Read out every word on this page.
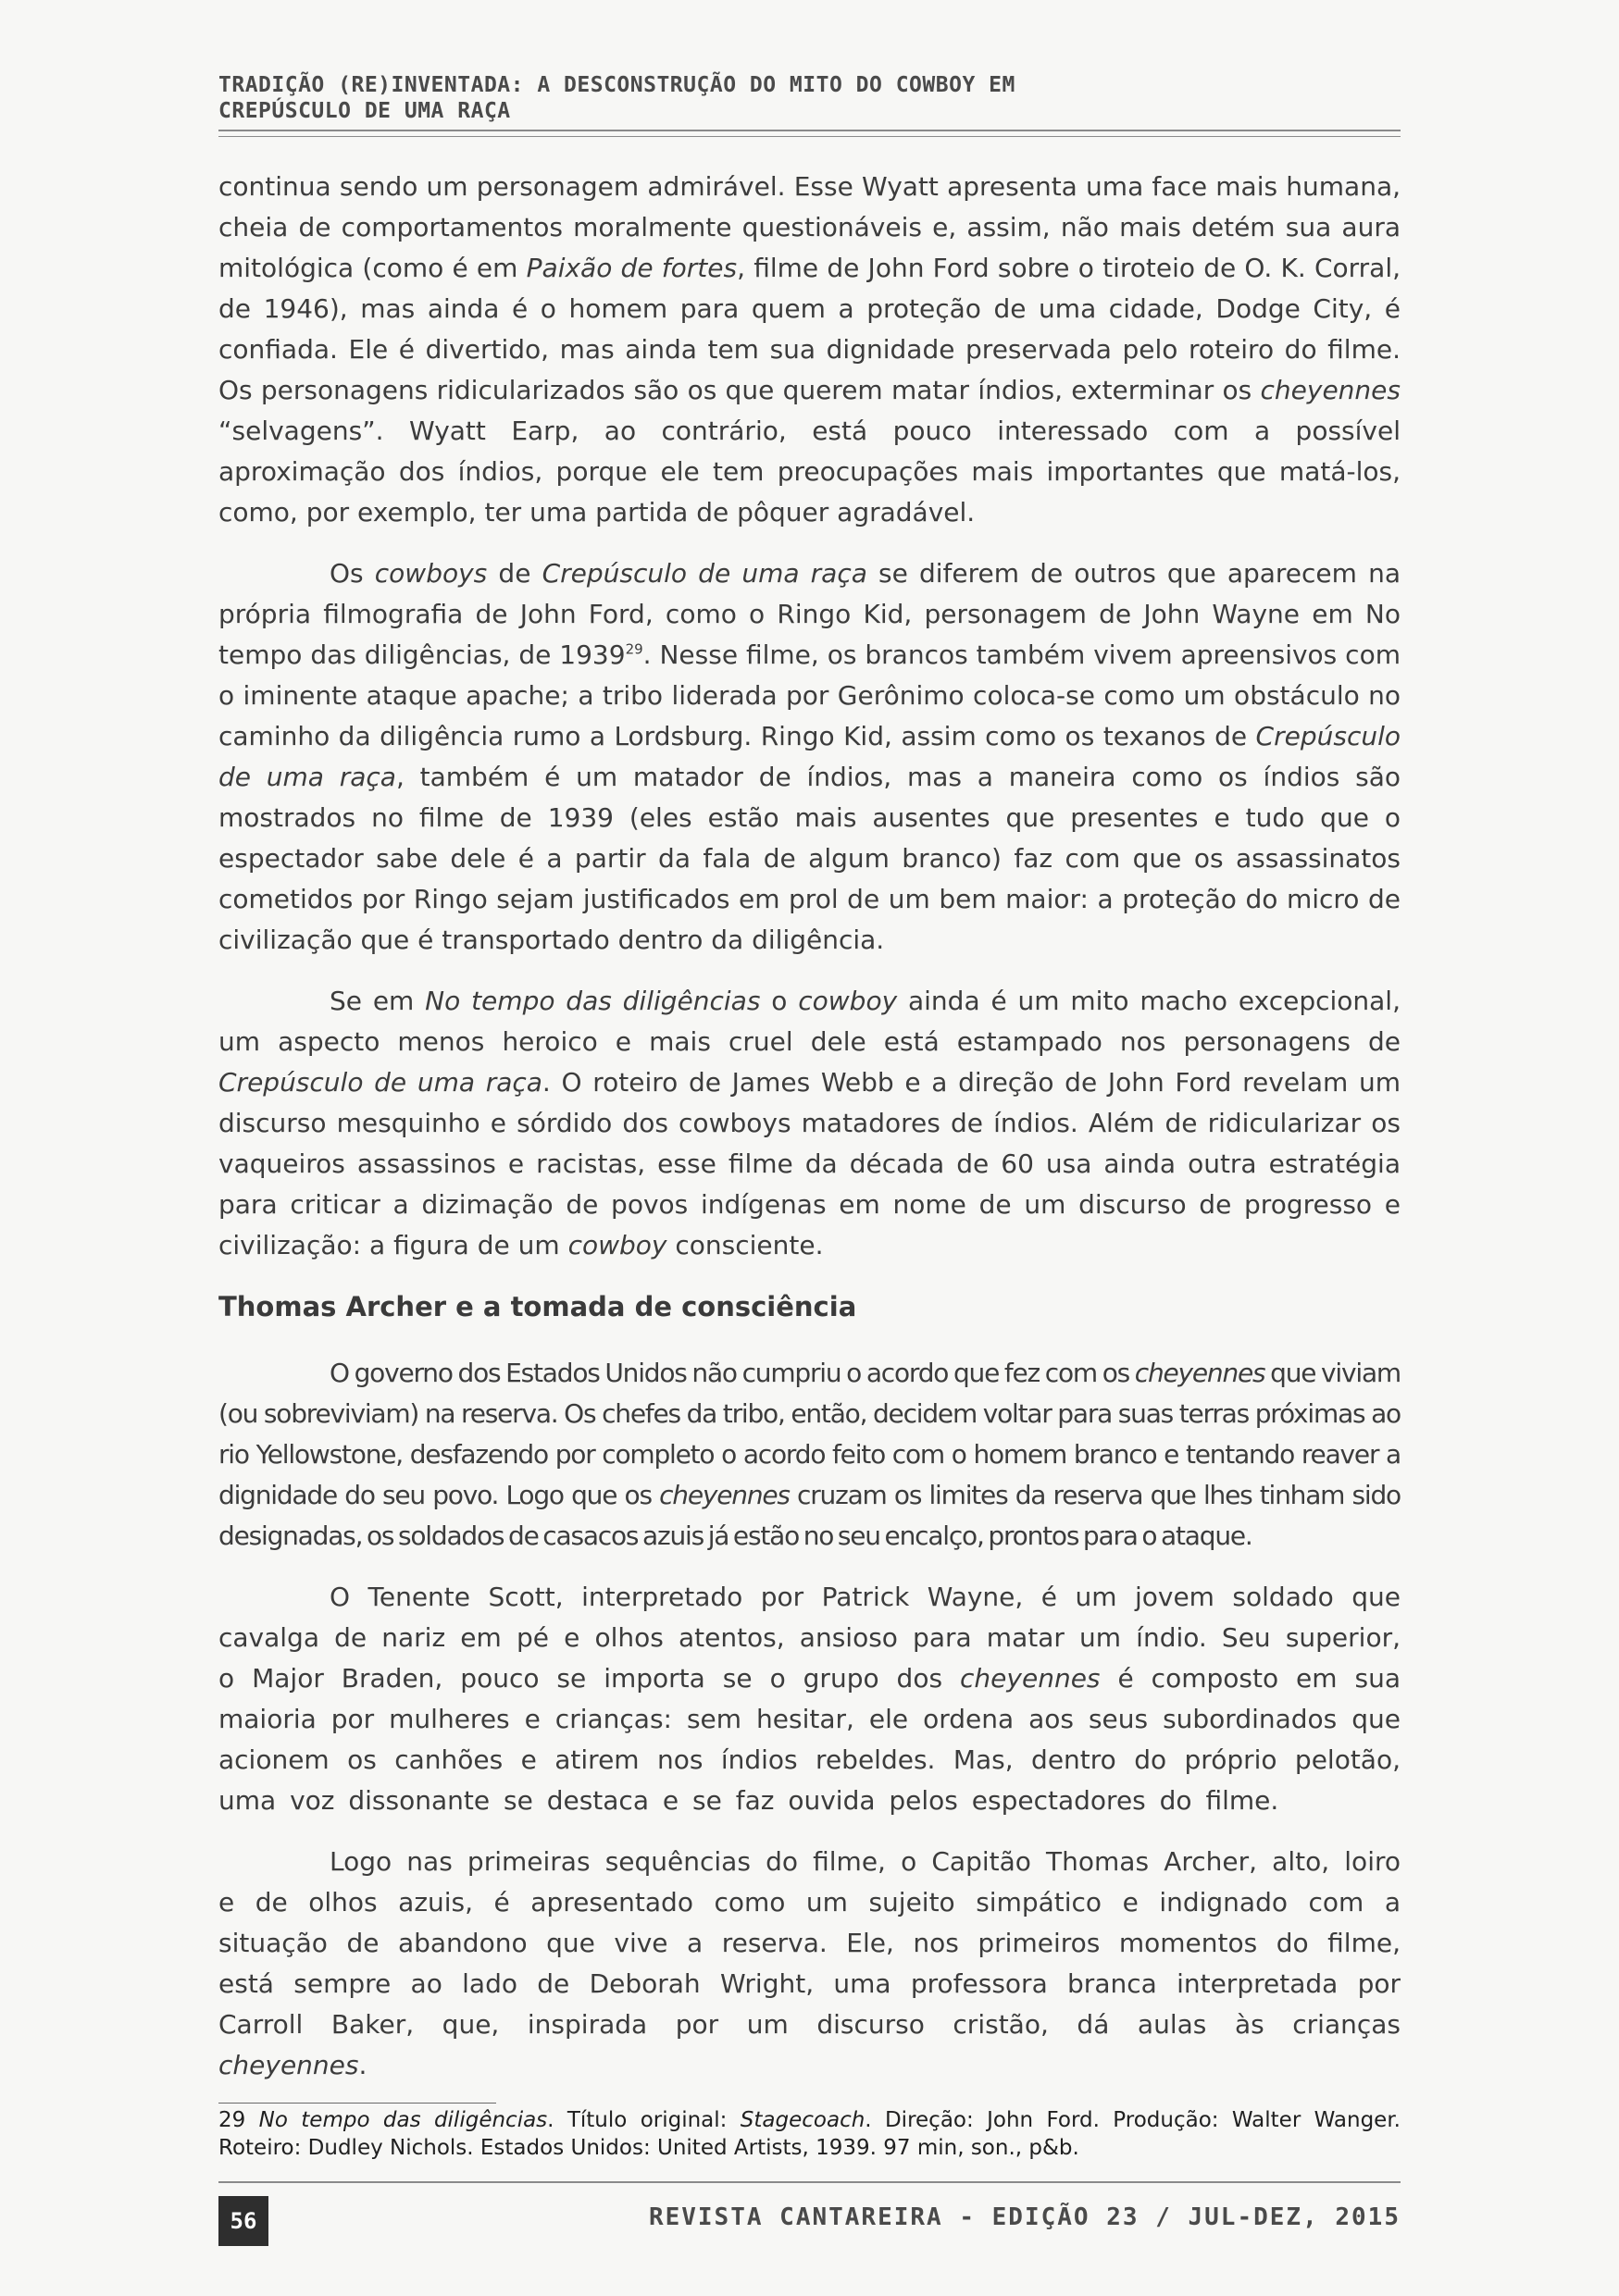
TRADIÇÃO (RE)INVENTADA: A DESCONSTRUÇÃO DO MITO DO COWBOY EM CREPÚSCULO DE UMA RAÇA

continua sendo um personagem admirável. Esse Wyatt apresenta uma face mais humana, cheia de comportamentos moralmente questionáveis e, assim, não mais detém sua aura mitológica (como é em Paixão de fortes, filme de John Ford sobre o tiroteio de O. K. Corral, de 1946), mas ainda é o homem para quem a proteção de uma cidade, Dodge City, é confiada. Ele é divertido, mas ainda tem sua dignidade preservada pelo roteiro do filme. Os personagens ridicularizados são os que querem matar índios, exterminar os cheyennes “selvagens”. Wyatt Earp, ao contrário, está pouco interessado com a possível aproximação dos índios, porque ele tem preocupações mais importantes que matá-los, como, por exemplo, ter uma partida de pôquer agradável.

Os cowboys de Crepúsculo de uma raça se diferem de outros que aparecem na própria filmografia de John Ford, como o Ringo Kid, personagem de John Wayne em No tempo das diligências, de 1939$^{29}$. Nesse filme, os brancos também vivem apreensivos com o iminente ataque apache; a tribo liderada por Gerônimo coloca-se como um obstáculo no caminho da diligência rumo a Lordsburg. Ringo Kid, assim como os texanos de Crepúsculo de uma raça, também é um matador de índios, mas a maneira como os índios são mostrados no filme de 1939 (eles estão mais ausentes que presentes e tudo que o espectador sabe dele é a partir da fala de algum branco) faz com que os assassinatos cometidos por Ringo sejam justificados em prol de um bem maior: a proteção do micro de civilização que é transportado dentro da diligência.

Se em No tempo das diligências o cowboy ainda é um mito macho excepcional, um aspecto menos heroico e mais cruel dele está estampado nos personagens de Crepúsculo de uma raça. O roteiro de James Webb e a direção de John Ford revelam um discurso mesquinho e sórdido dos cowboys matadores de índios. Além de ridicularizar os vaqueiros assassinos e racistas, esse filme da década de 60 usa ainda outra estratégia para criticar a dizimação de povos indígenas em nome de um discurso de progresso e civilização: a figura de um cowboy consciente.

Thomas Archer e a tomada de consciência

O governo dos Estados Unidos não cumpriu o acordo que fez com os cheyennes que viviam (ou sobreviviam) na reserva. Os chefes da tribo, então, decidem voltar para suas terras próximas ao rio Yellowstone, desfazendo por completo o acordo feito com o homem branco e tentando reaver a dignidade do seu povo. Logo que os cheyennes cruzam os limites da reserva que lhes tinham sido designadas, os soldados de casacos azuis já estão no seu encalço, prontos para o ataque.

O Tenente Scott, interpretado por Patrick Wayne, é um jovem soldado que cavalga de nariz em pé e olhos atentos, ansioso para matar um índio. Seu superior, o Major Braden, pouco se importa se o grupo dos cheyennes é composto em sua maioria por mulheres e crianças: sem hesitar, ele ordena aos seus subordinados que acionem os canhões e atirem nos índios rebeldes. Mas, dentro do próprio pelotão, uma voz dissonante se destaca e se faz ouvida pelos espectadores do filme.

Logo nas primeiras sequências do filme, o Capitão Thomas Archer, alto, loiro e de olhos azuis, é apresentado como um sujeito simpático e indignado com a situação de abandono que vive a reserva. Ele, nos primeiros momentos do filme, está sempre ao lado de Deborah Wright, uma professora branca interpretada por Carroll Baker, que, inspirada por um discurso cristão, dá aulas às crianças cheyennes.

29 No tempo das diligências. Título original: Stagecoach. Direção: John Ford. Produção: Walter Wanger. Roteiro: Dudley Nichols. Estados Unidos: United Artists, 1939. 97 min, son., p&b.
56	REVISTA CANTAREIRA - EDIÇÃO 23 / JUL-DEZ, 2015
